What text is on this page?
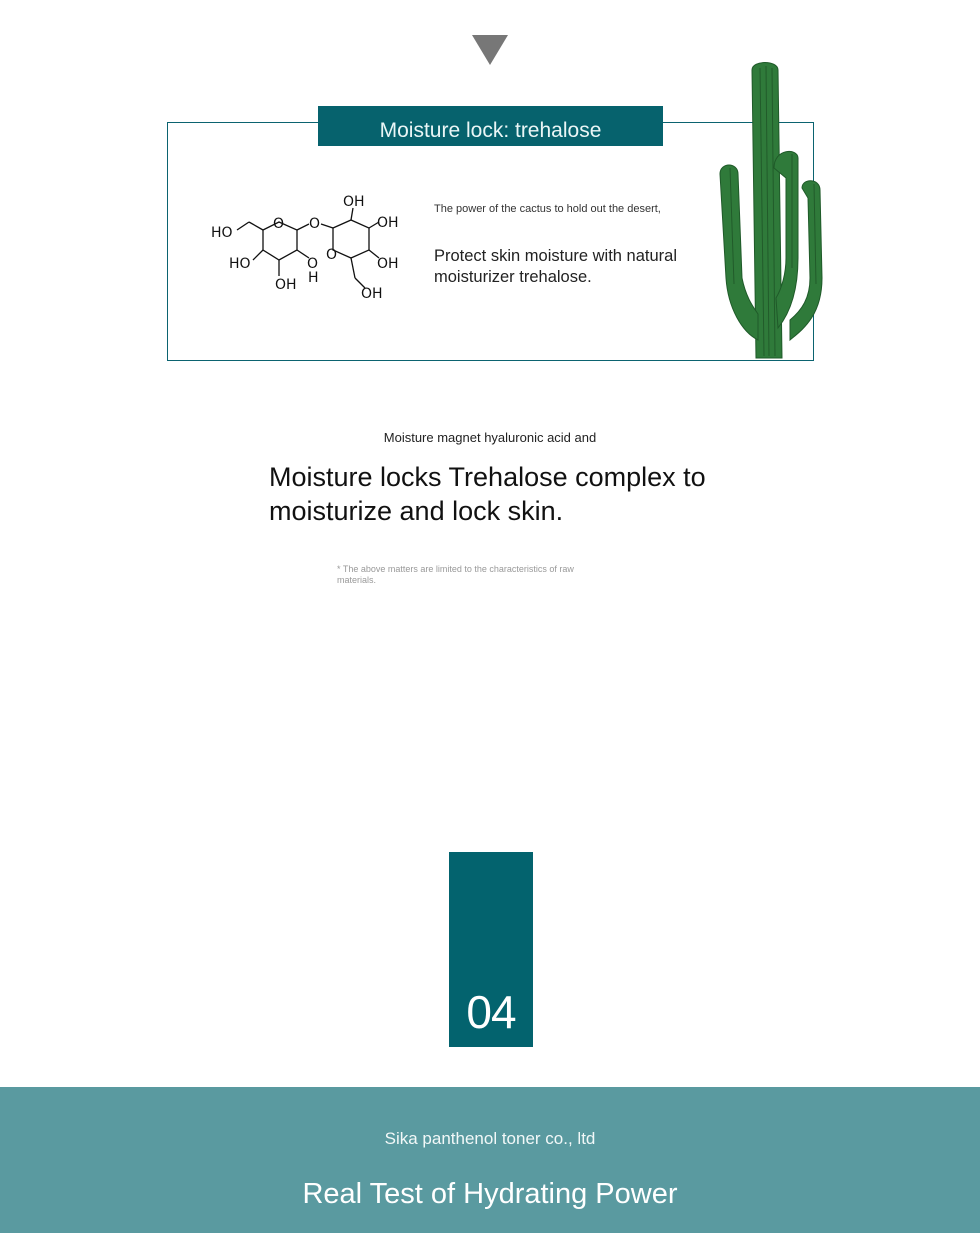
Moisture lock: trehalose
HO
O O
OH
OH
HO
OH
O
H
O
OH
OH
The power of the cactus to hold out the desert,
Protect skin moisture with natural moisturizer trehalose.
Moisture magnet hyaluronic acid and
Moisture locks Trehalose complex to moisturize and lock skin.
* The above matters are limited to the characteristics of raw materials.
04
Sika panthenol toner co., ltd
Real Test of Hydrating Power
